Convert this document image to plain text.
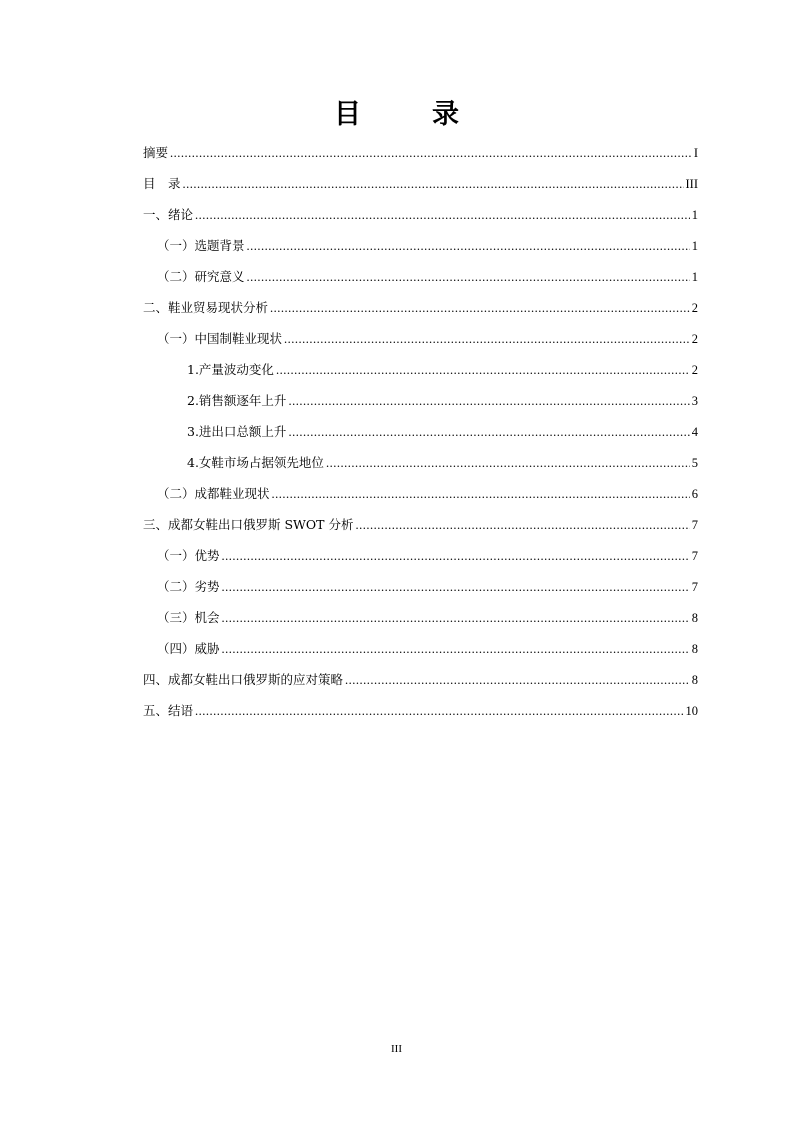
目　录
摘要 .....	I
目　录 .....	III
一、绪论 .....	1
（一）选题背景 .....	1
（二）研究意义 .....	1
二、鞋业贸易现状分析 .....	2
（一）中国制鞋业现状 .....	2
1.产量波动变化 .....	2
2.销售额逐年上升 .....	3
3.进出口总额上升 .....	4
4.女鞋市场占据领先地位 .....	5
（二）成都鞋业现状 .....	6
三、成都女鞋出口俄罗斯 SWOT 分析 .....	7
（一）优势 .....	7
（二）劣势 .....	7
（三）机会 .....	8
（四）威胁 .....	8
四、成都女鞋出口俄罗斯的应对策略 .....	8
五、结语 .....	10
III
